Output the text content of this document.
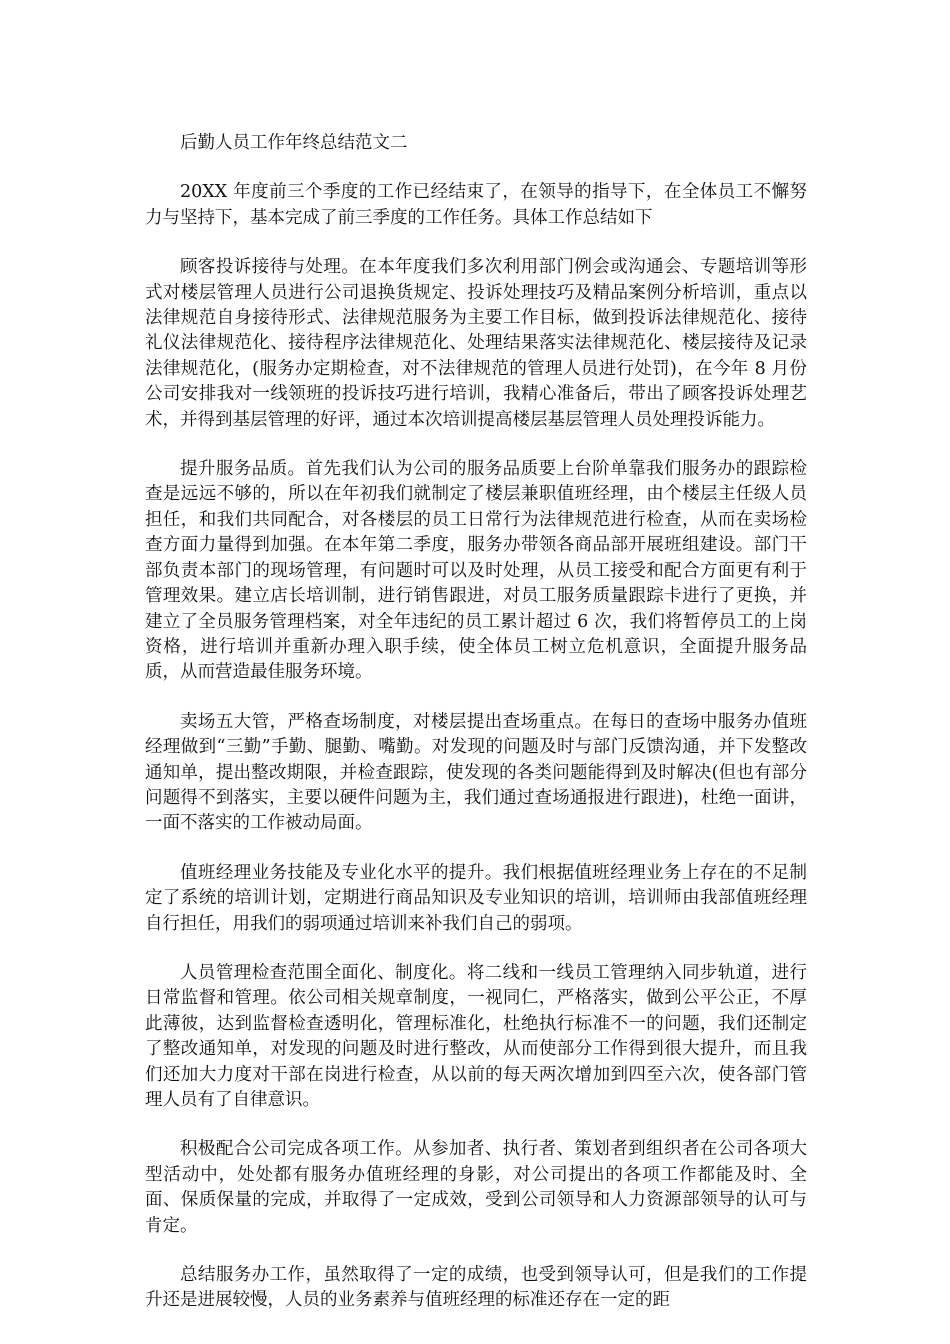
后勤人员工作年终总结范文二

20XX 年度前三个季度的工作已经结束了，在领导的指导下，在全体员工不懈努力与坚持下，基本完成了前三季度的工作任务。具体工作总结如下

顾客投诉接待与处理。在本年度我们多次利用部门例会或沟通会、专题培训等形式对楼层管理人员进行公司退换货规定、投诉处理技巧及精品案例分析培训，重点以法律规范自身接待形式、法律规范服务为主要工作目标，做到投诉法律规范化、接待礼仪法律规范化、接待程序法律规范化、处理结果落实法律规范化、楼层接待及记录法律规范化，(服务办定期检查，对不法律规范的管理人员进行处罚)，在今年 8 月份公司安排我对一线领班的投诉技巧进行培训，我精心准备后，带出了顾客投诉处理艺术，并得到基层管理的好评，通过本次培训提高楼层基层管理人员处理投诉能力。

提升服务品质。首先我们认为公司的服务品质要上台阶单靠我们服务办的跟踪检查是远远不够的，所以在年初我们就制定了楼层兼职值班经理，由个楼层主任级人员担任，和我们共同配合，对各楼层的员工日常行为法律规范进行检查，从而在卖场检查方面力量得到加强。在本年第二季度，服务办带领各商品部开展班组建设。部门干部负责本部门的现场管理，有问题时可以及时处理，从员工接受和配合方面更有利于管理效果。建立店长培训制，进行销售跟进，对员工服务质量跟踪卡进行了更换，并建立了全员服务管理档案，对全年违纪的员工累计超过 6 次，我们将暂停员工的上岗资格，进行培训并重新办理入职手续，使全体员工树立危机意识，全面提升服务品质，从而营造最佳服务环境。

卖场五大管，严格查场制度，对楼层提出查场重点。在每日的查场中服务办值班经理做到“三勤”手勤、腿勤、嘴勤。对发现的问题及时与部门反馈沟通，并下发整改通知单，提出整改期限，并检查跟踪，使发现的各类问题能得到及时解决(但也有部分问题得不到落实，主要以硬件问题为主，我们通过查场通报进行跟进)，杜绝一面讲，一面不落实的工作被动局面。

值班经理业务技能及专业化水平的提升。我们根据值班经理业务上存在的不足制定了系统的培训计划，定期进行商品知识及专业知识的培训，培训师由我部值班经理自行担任，用我们的弱项通过培训来补我们自己的弱项。

人员管理检查范围全面化、制度化。将二线和一线员工管理纳入同步轨道，进行日常监督和管理。依公司相关规章制度，一视同仁，严格落实，做到公平公正，不厚此薄彼，达到监督检查透明化，管理标准化，杜绝执行标准不一的问题，我们还制定了整改通知单，对发现的问题及时进行整改，从而使部分工作得到很大提升，而且我们还加大力度对干部在岗进行检查，从以前的每天两次增加到四至六次，使各部门管理人员有了自律意识。

积极配合公司完成各项工作。从参加者、执行者、策划者到组织者在公司各项大型活动中，处处都有服务办值班经理的身影，对公司提出的各项工作都能及时、全面、保质保量的完成，并取得了一定成效，受到公司领导和人力资源部领导的认可与肯定。

总结服务办工作，虽然取得了一定的成绩，也受到领导认可，但是我们的工作提升还是进展较慢，人员的业务素养与值班经理的标准还存在一定的距
